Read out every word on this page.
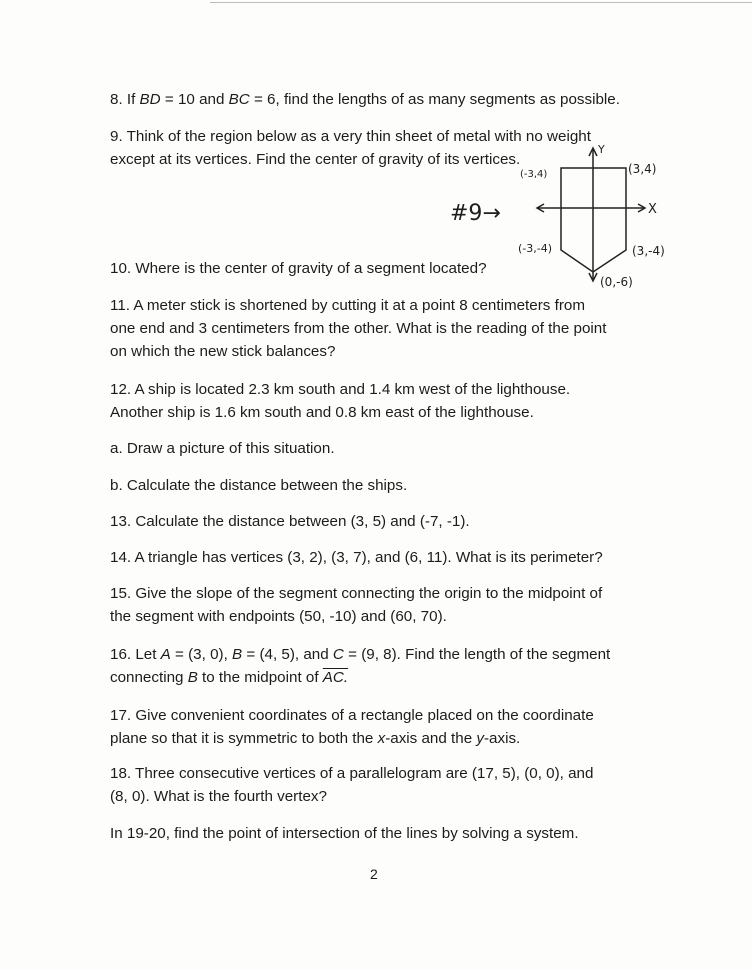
8. If BD = 10 and BC = 6, find the lengths of as many segments as possible.

9. Think of the region below as a very thin sheet of metal with no weight

except at its vertices. Find the center of gravity of its vertices.

#9→
Y
X
(-3,4)	(3,4)
(-3,-4)	(3,-4)
(0,-6)

10. Where is the center of gravity of a segment located?

11. A meter stick is shortened by cutting it at a point 8 centimeters from

one end and 3 centimeters from the other. What is the reading of the point

on which the new stick balances?

12. A ship is located 2.3 km south and 1.4 km west of the lighthouse.

Another ship is 1.6 km south and 0.8 km east of the lighthouse.

a. Draw a picture of this situation.

b. Calculate the distance between the ships.

13. Calculate the distance between (3, 5) and (-7, -1).

14. A triangle has vertices (3, 2), (3, 7), and (6, 11). What is its perimeter?

15. Give the slope of the segment connecting the origin to the midpoint of

the segment with endpoints (50, -10) and (60, 70).

16. Let A = (3, 0), B = (4, 5), and C = (9, 8). Find the length of the segment

connecting B to the midpoint of AC.

17. Give convenient coordinates of a rectangle placed on the coordinate

plane so that it is symmetric to both the x-axis and the y-axis.

18. Three consecutive vertices of a parallelogram are (17, 5), (0, 0), and

(8, 0). What is the fourth vertex?

In 19-20, find the point of intersection of the lines by solving a system.

2
